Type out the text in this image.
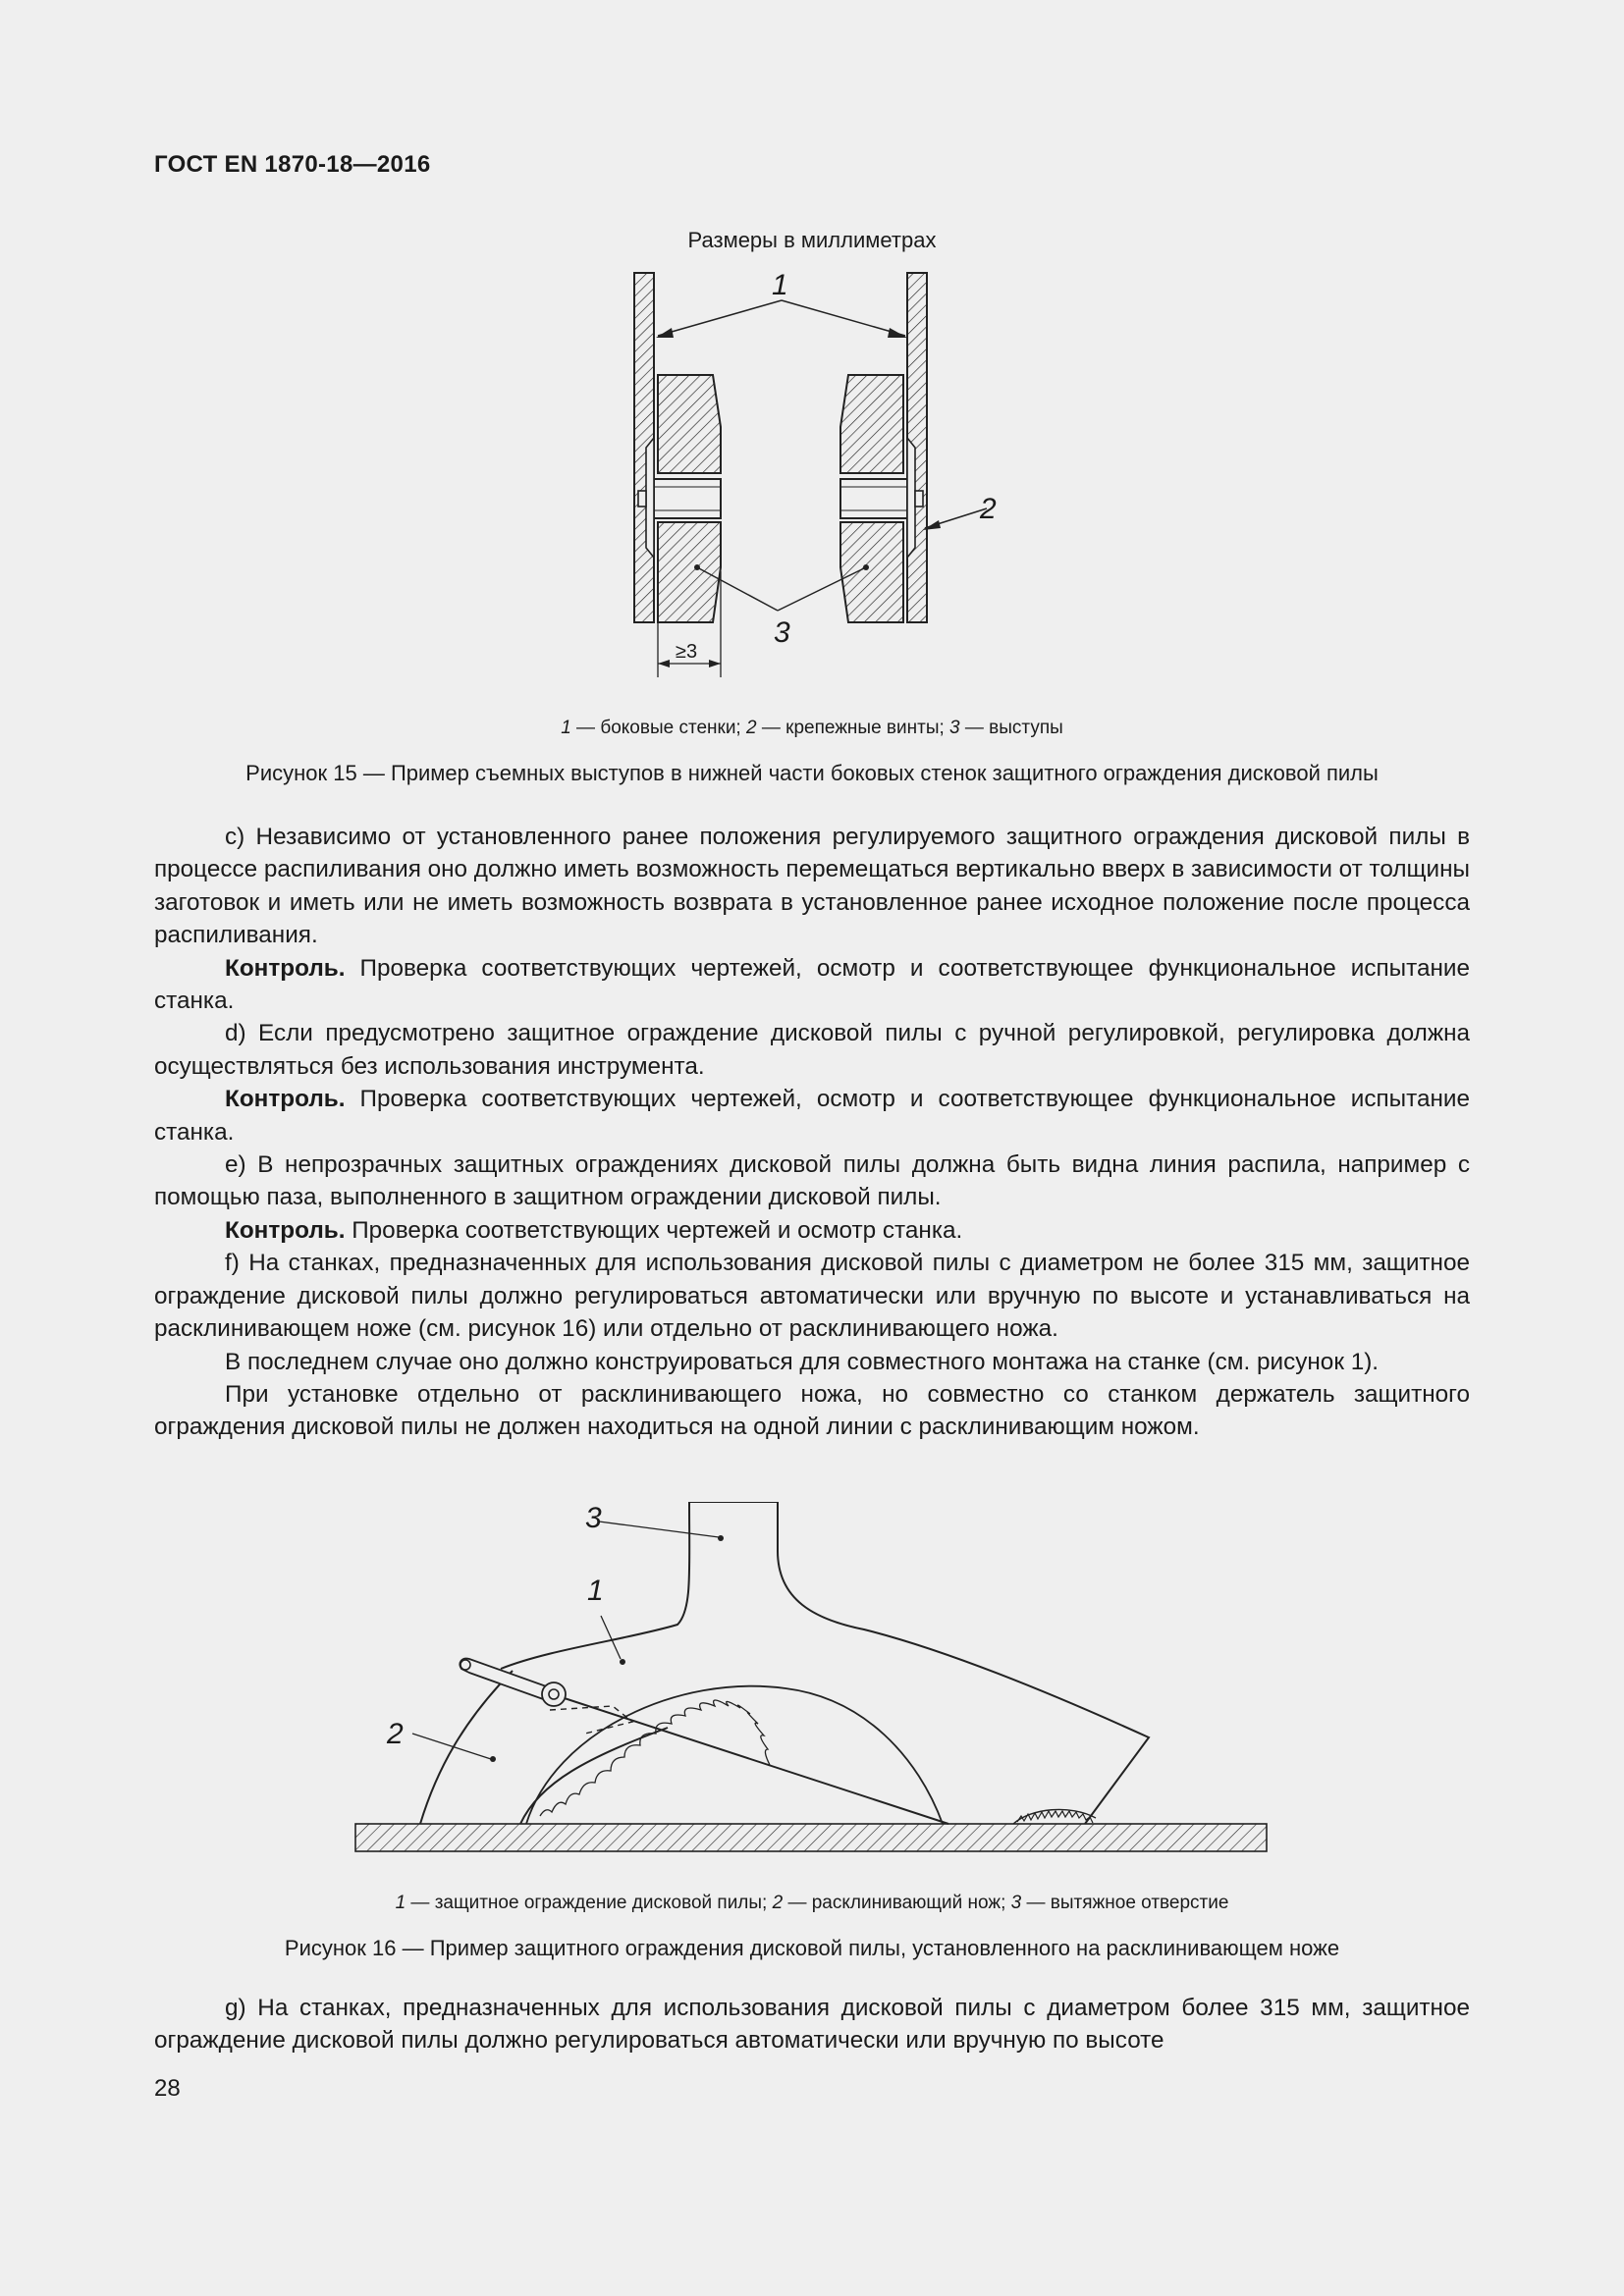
ГОСТ EN 1870-18—2016
Размеры в миллиметрах
1
2
3
≥3
1 — боковые стенки; 2 — крепежные винты; 3 — выступы
Рисунок 15 — Пример съемных выступов в нижней части боковых стенок защитного ограждения дисковой пилы

c) Независимо от установленного ранее положения регулируемого защитного ограждения дисковой пилы в процессе распиливания оно должно иметь возможность перемещаться вертикально вверх в зависимости от толщины заготовок и иметь или не иметь возможность возврата в установленное ранее исходное положение после процесса распиливания.

Контроль. Проверка соответствующих чертежей, осмотр и соответствующее функциональное испытание станка.

d) Если предусмотрено защитное ограждение дисковой пилы с ручной регулировкой, регулировка должна осуществляться без использования инструмента.

Контроль. Проверка соответствующих чертежей, осмотр и соответствующее функциональное испытание станка.

e) В непрозрачных защитных ограждениях дисковой пилы должна быть видна линия распила, например с помощью паза, выполненного в защитном ограждении дисковой пилы.

Контроль. Проверка соответствующих чертежей и осмотр станка.

f) На станках, предназначенных для использования дисковой пилы с диаметром не более 315 мм, защитное ограждение дисковой пилы должно регулироваться автоматически или вручную по высоте и устанавливаться на расклинивающем ноже (см. рисунок 16) или отдельно от расклинивающего ножа.

В последнем случае оно должно конструироваться для совместного монтажа на станке (см. рисунок 1).

При установке отдельно от расклинивающего ножа, но совместно со станком держатель защитного ограждения дисковой пилы не должен находиться на одной линии с расклинивающим ножом.

1
2
3
1 — защитное ограждение дисковой пилы; 2 — расклинивающий нож; 3 — вытяжное отверстие
Рисунок 16 — Пример защитного ограждения дисковой пилы, установленного на расклинивающем ноже

g) На станках, предназначенных для использования дисковой пилы с диаметром более 315 мм, защитное ограждение дисковой пилы должно регулироваться автоматически или вручную по высоте

28
